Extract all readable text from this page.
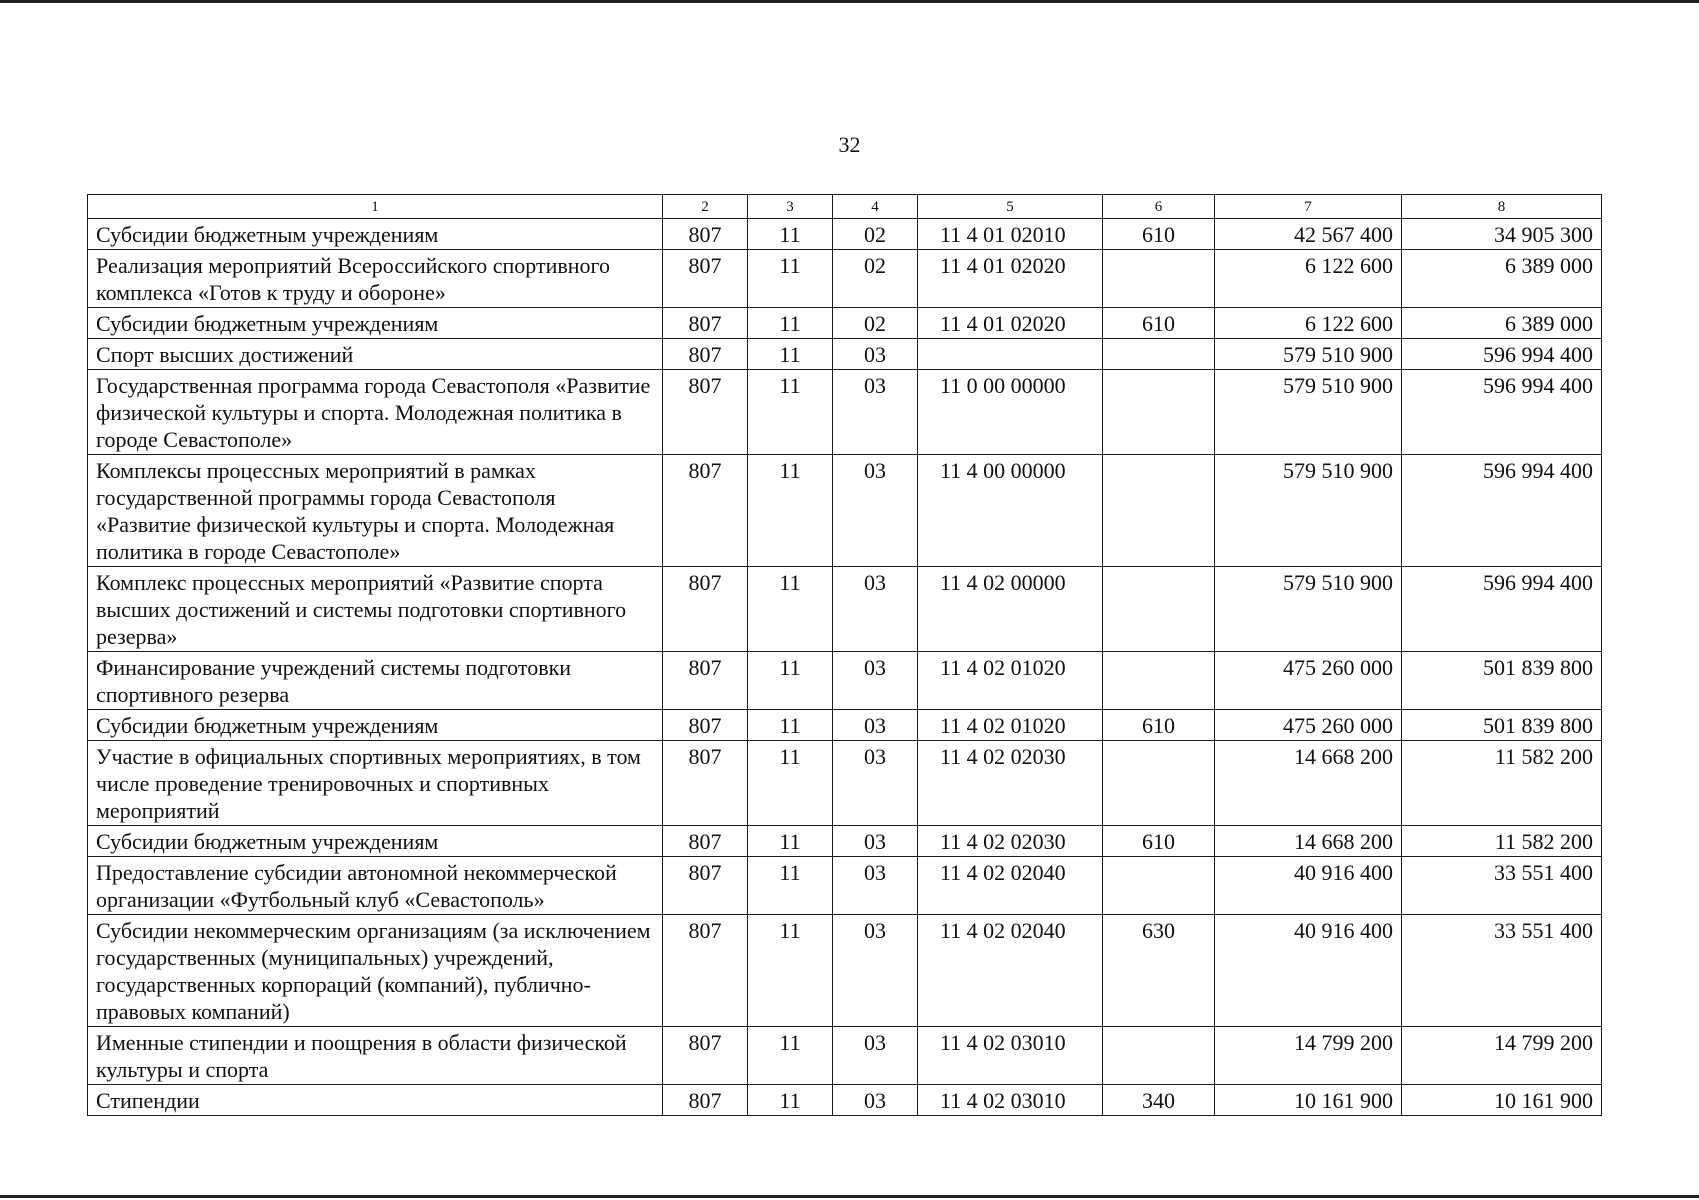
32
1	2	3	4	5	6	7	8
Субсидии бюджетным учреждениям	807	11	02	11 4 01 02010	610	42 567 400	34 905 300
Реализация мероприятий Всероссийского спортивного комплекса «Готов к труду и обороне»	807	11	02	11 4 01 02020		6 122 600	6 389 000
Субсидии бюджетным учреждениям	807	11	02	11 4 01 02020	610	6 122 600	6 389 000
Спорт высших достижений	807	11	03			579 510 900	596 994 400
Государственная программа города Севастополя «Развитие физической культуры и спорта. Молодежная политика в городе Севастополе»	807	11	03	11 0 00 00000		579 510 900	596 994 400
Комплексы процессных мероприятий в рамках государственной программы города Севастополя «Развитие физической культуры и спорта. Молодежная политика в городе Севастополе»	807	11	03	11 4 00 00000		579 510 900	596 994 400
Комплекс процессных мероприятий «Развитие спорта высших достижений и системы подготовки спортивного резерва»	807	11	03	11 4 02 00000		579 510 900	596 994 400
Финансирование учреждений системы подготовки спортивного резерва	807	11	03	11 4 02 01020		475 260 000	501 839 800
Субсидии бюджетным учреждениям	807	11	03	11 4 02 01020	610	475 260 000	501 839 800
Участие в официальных спортивных мероприятиях, в том числе проведение тренировочных и спортивных мероприятий	807	11	03	11 4 02 02030		14 668 200	11 582 200
Субсидии бюджетным учреждениям	807	11	03	11 4 02 02030	610	14 668 200	11 582 200
Предоставление субсидии автономной некоммерческой организации «Футбольный клуб «Севастополь»	807	11	03	11 4 02 02040		40 916 400	33 551 400
Субсидии некоммерческим организациям (за исключением государственных (муниципальных) учреждений, государственных корпораций (компаний), публично-правовых компаний)	807	11	03	11 4 02 02040	630	40 916 400	33 551 400
Именные стипендии и поощрения в области физической культуры и спорта	807	11	03	11 4 02 03010		14 799 200	14 799 200
Стипендии	807	11	03	11 4 02 03010	340	10 161 900	10 161 900
